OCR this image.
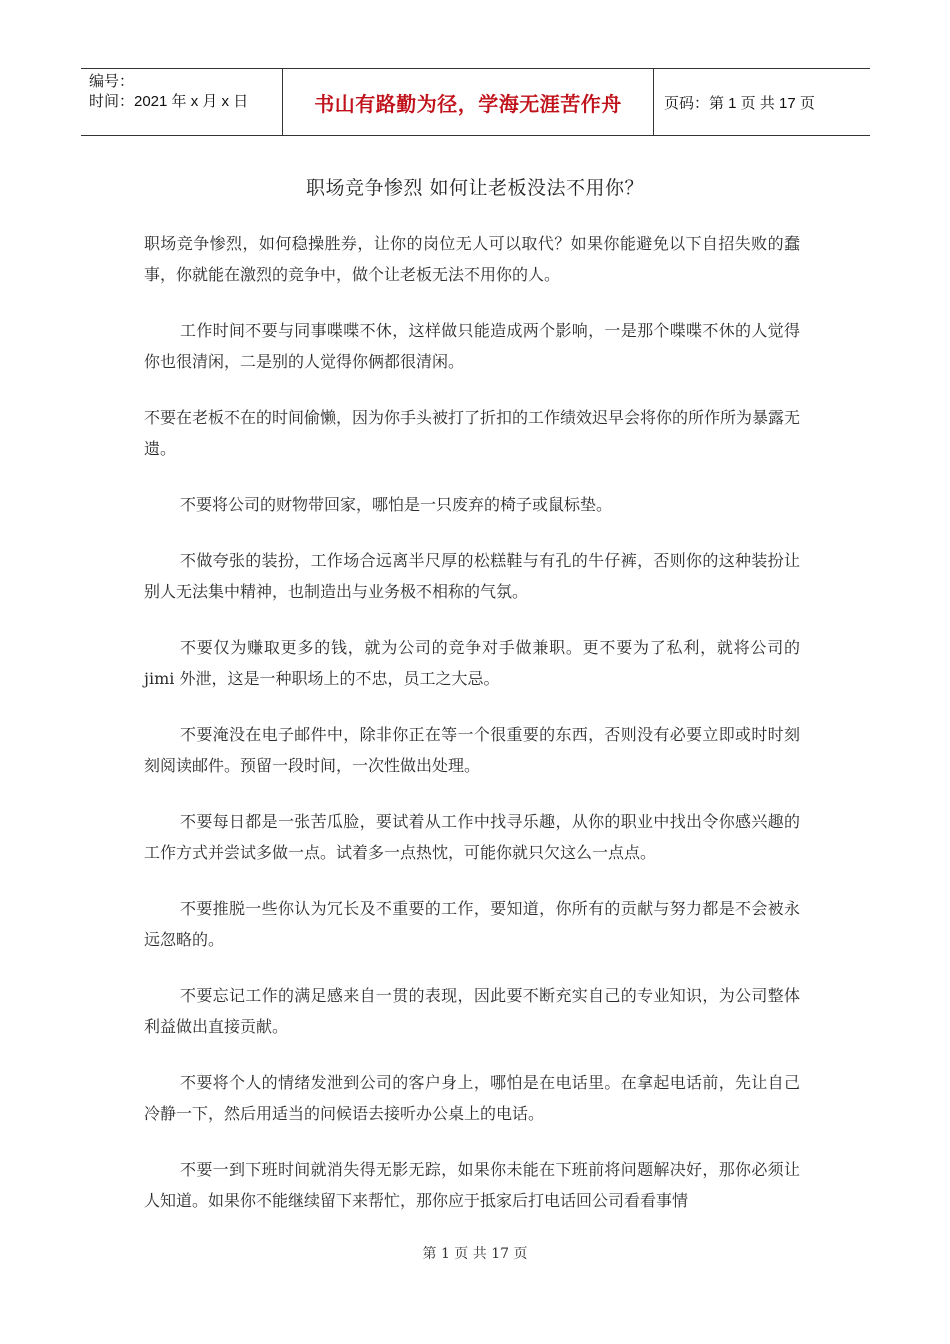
编号：
时间：2021 年 x 月 x 日	书山有路勤为径，学海无涯苦作舟	页码：第 1 页 共 17 页
职场竞争惨烈 如何让老板没法不用你？

职场竞争惨烈，如何稳操胜券，让你的岗位无人可以取代？如果你能避免以下自招失败的蠢事，你就能在激烈的竞争中，做个让老板无法不用你的人。

工作时间不要与同事喋喋不休，这样做只能造成两个影响，一是那个喋喋不休的人觉得你也很清闲，二是别的人觉得你俩都很清闲。

不要在老板不在的时间偷懒，因为你手头被打了折扣的工作绩效迟早会将你的所作所为暴露无遗。

不要将公司的财物带回家，哪怕是一只废弃的椅子或鼠标垫。

不做夸张的装扮，工作场合远离半尺厚的松糕鞋与有孔的牛仔裤，否则你的这种装扮让别人无法集中精神，也制造出与业务极不相称的气氛。

不要仅为赚取更多的钱，就为公司的竞争对手做兼职。更不要为了私利，就将公司的 jimi 外泄，这是一种职场上的不忠，员工之大忌。

不要淹没在电子邮件中，除非你正在等一个很重要的东西，否则没有必要立即或时时刻刻阅读邮件。预留一段时间，一次性做出处理。

不要每日都是一张苦瓜脸，要试着从工作中找寻乐趣，从你的职业中找出令你感兴趣的工作方式并尝试多做一点。试着多一点热忱，可能你就只欠这么一点点。

不要推脱一些你认为冗长及不重要的工作，要知道，你所有的贡献与努力都是不会被永远忽略的。

不要忘记工作的满足感来自一贯的表现，因此要不断充实自己的专业知识，为公司整体利益做出直接贡献。

不要将个人的情绪发泄到公司的客户身上，哪怕是在电话里。在拿起电话前，先让自己冷静一下，然后用适当的问候语去接听办公桌上的电话。

不要一到下班时间就消失得无影无踪，如果你未能在下班前将问题解决好，那你必须让人知道。如果你不能继续留下来帮忙，那你应于抵家后打电话回公司看看事情

第 1 页 共 17 页
